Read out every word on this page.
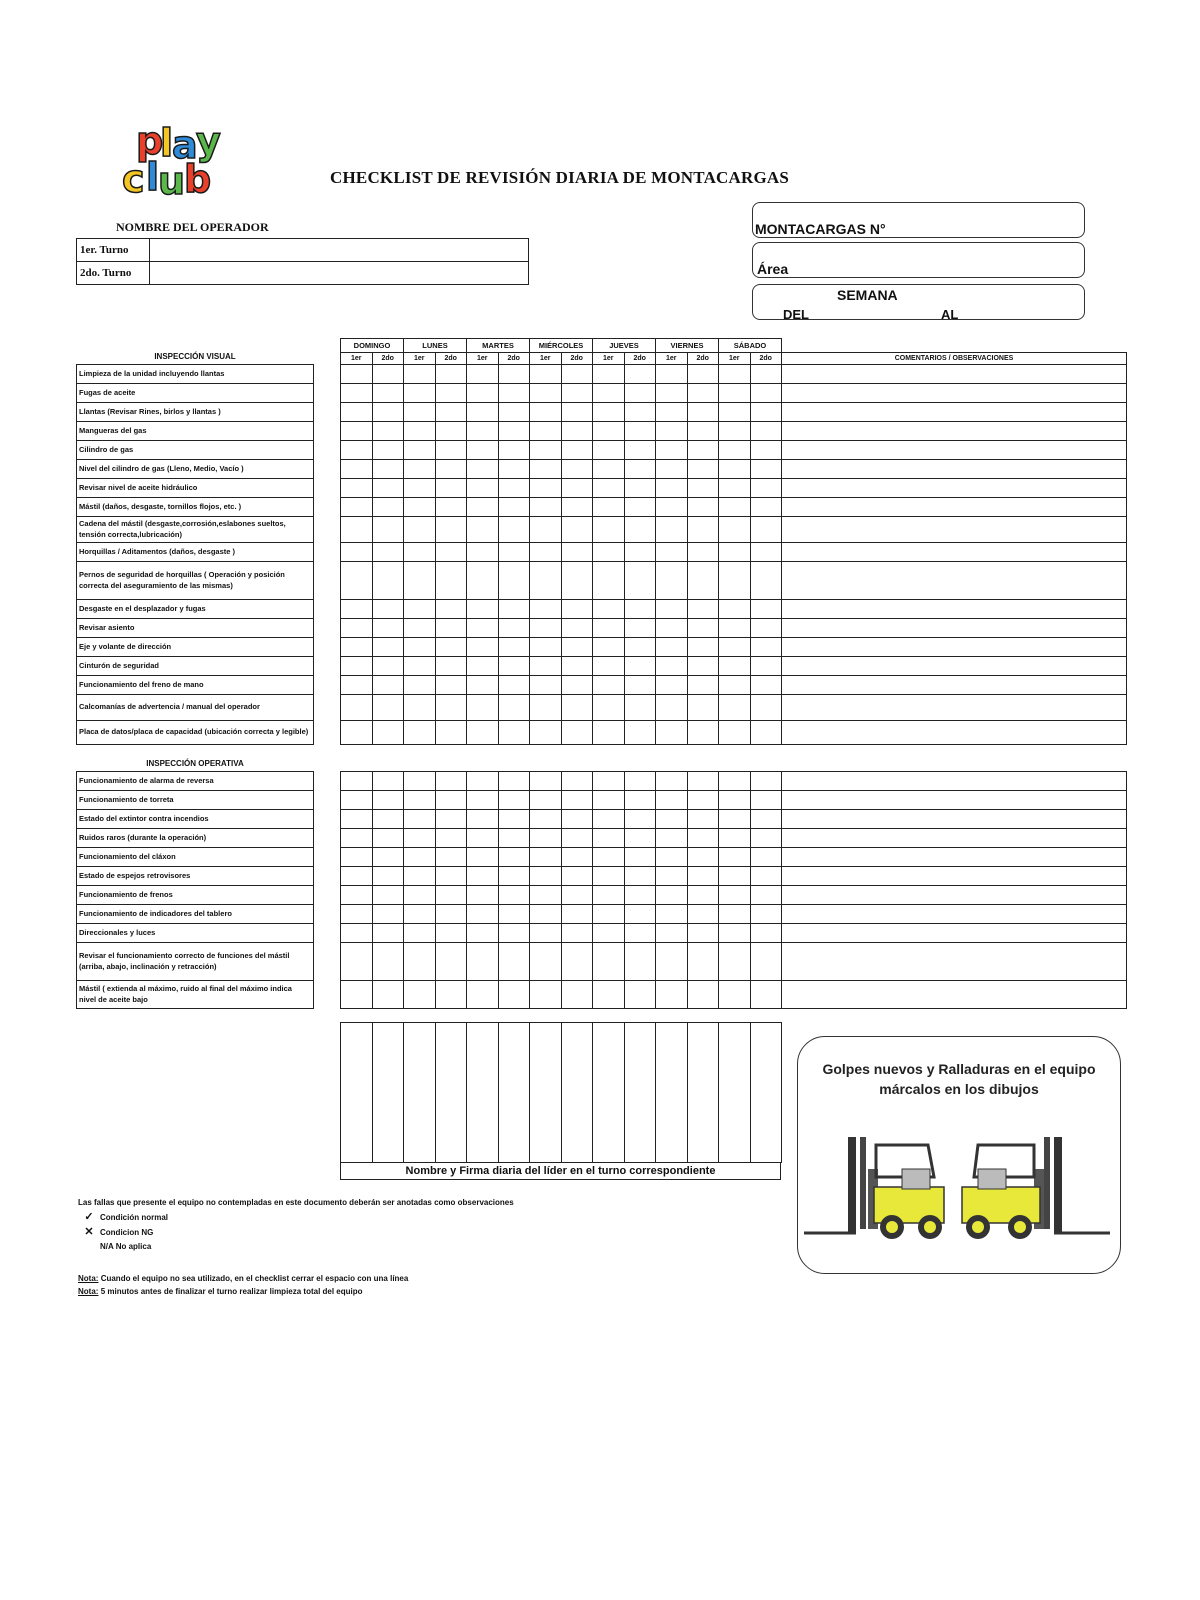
p
l
a
y
c l
u
b	CHECKLIST DE REVISIÓN DIARIA DE MONTACARGAS
NOMBRE DEL OPERADOR
1er. Turno	
2do. Turno	
MONTACARGAS N°
Área
SEMANA
DEL	AL
DOMINGO	LUNES	MARTES	MIÉRCOLES	JUEVES	VIERNES	SÁBADO
1er	2do	1er	2do	1er	2do	1er	2do	1er	2do	1er	2do	1er	2do	COMENTARIOS / OBSERVACIONES
INSPECCIÓN VISUAL
Limpieza de la unidad incluyendo llantas
Fugas de aceite
Llantas (Revisar Rines, birlos y llantas )
Mangueras del gas
Cilindro de gas
Nivel del cilindro de gas (Lleno, Medio, Vacío )
Revisar nivel de aceite hidráulico
Mástil (daños, desgaste, tornillos flojos, etc. )
Cadena del mástil (desgaste,corrosión,eslabones sueltos, tensión correcta,lubricación)
Horquillas / Aditamentos (daños, desgaste )
Pernos de seguridad de horquillas ( Operación y posición correcta del aseguramiento de las mismas)
Desgaste en el desplazador y fugas
Revisar asiento
Eje y volante de dirección
Cinturón de seguridad
Funcionamiento del freno de mano
Calcomanías de advertencia / manual del operador
Placa de datos/placa de capacidad (ubicación correcta y legible)

INSPECCIÓN OPERATIVA
Funcionamiento de alarma de reversa
Funcionamiento de torreta
Estado del extintor contra incendios
Ruidos raros (durante la operación)
Funcionamiento del cláxon
Estado de espejos retrovisores
Funcionamiento de frenos
Funcionamiento de indicadores del tablero
Direccionales y luces
Revisar el funcionamiento correcto de funciones del mástil (arriba, abajo, inclinación y retracción)
Mástil ( extienda al máximo, ruido al final del máximo indica nivel de aceite bajo

Nombre y Firma diaria del líder en el turno correspondiente
Las fallas que presente el equipo no contempladas en este documento deberán ser anotadas como observaciones
✓ Condición normal
✕ Condicion NG
N/A No aplica
Nota: Cuando el equipo no sea utilizado, en el checklist cerrar el espacio con una línea
Nota: 5 minutos antes de finalizar el turno realizar limpieza total del equipo
Golpes nuevos y Ralladuras en el equipo
márcalos en los dibujos
